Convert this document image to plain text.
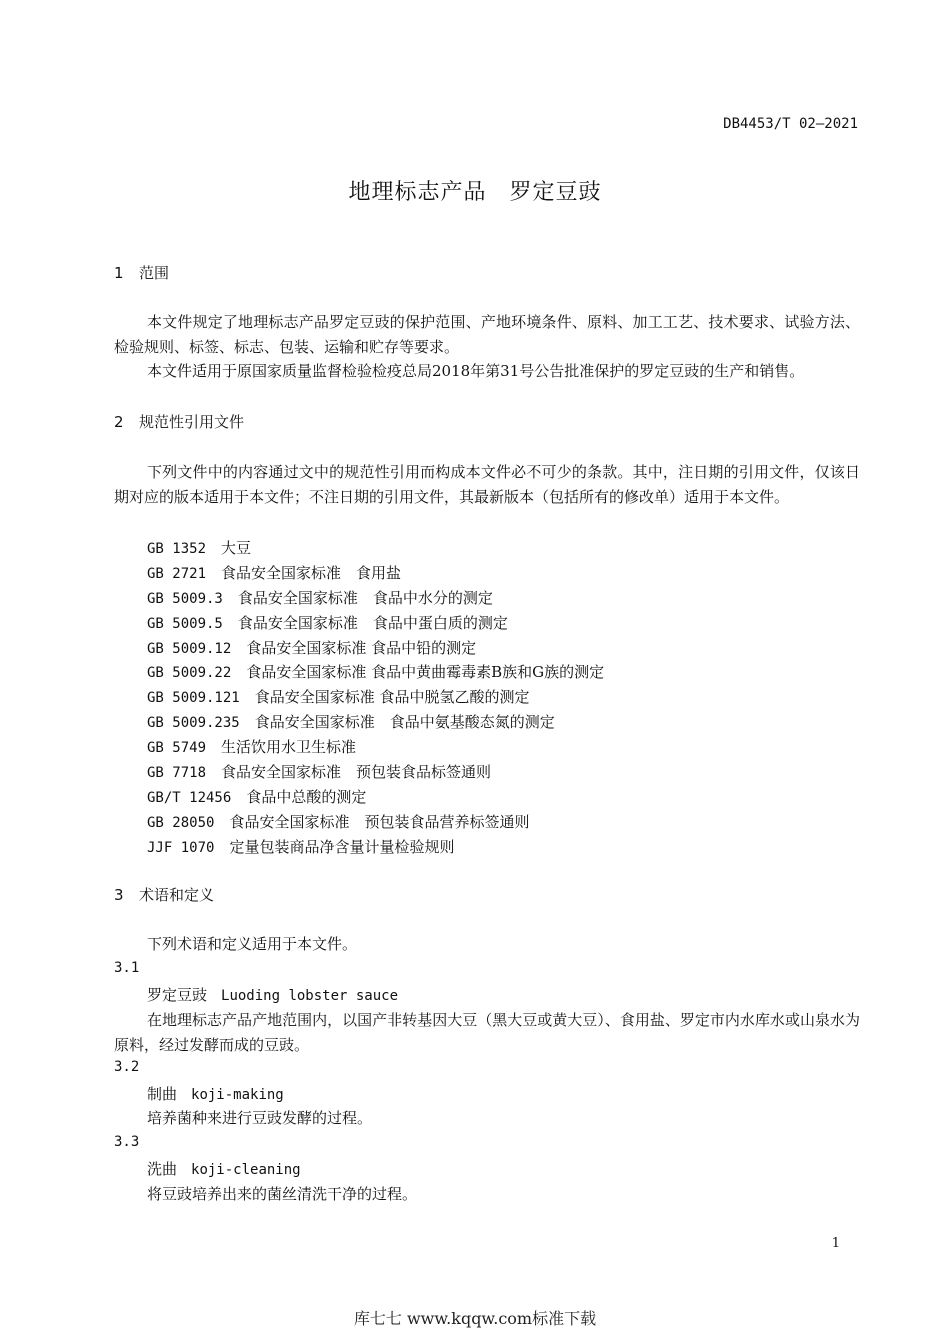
DB4453/T 02—2021
地理标志产品　罗定豆豉
1 范围
本文件规定了地理标志产品罗定豆豉的保护范围、产地环境条件、原料、加工工艺、技术要求、试验方法、检验规则、标签、标志、包装、运输和贮存等要求。
本文件适用于原国家质量监督检验检疫总局2018年第31号公告批准保护的罗定豆豉的生产和销售。
2 规范性引用文件
下列文件中的内容通过文中的规范性引用而构成本文件必不可少的条款。其中，注日期的引用文件，仅该日期对应的版本适用于本文件；不注日期的引用文件，其最新版本（包括所有的修改单）适用于本文件。
GB 1352　 大豆
GB 2721　 食品安全国家标准　食用盐
GB 5009.3　 食品安全国家标准　食品中水分的测定
GB 5009.5　 食品安全国家标准　食品中蛋白质的测定
GB 5009.12　 食品安全国家标准 食品中铅的测定
GB 5009.22　 食品安全国家标准 食品中黄曲霉毒素B族和G族的测定
GB 5009.121　 食品安全国家标准 食品中脱氢乙酸的测定
GB 5009.235　 食品安全国家标准　食品中氨基酸态氮的测定
GB 5749　 生活饮用水卫生标准
GB 7718　 食品安全国家标准　预包装食品标签通则
GB/T 12456　 食品中总酸的测定
GB 28050　 食品安全国家标准　预包装食品营养标签通则
JJF 1070　 定量包装商品净含量计量检验规则
3 术语和定义
下列术语和定义适用于本文件。
3.1
罗定豆豉 Luoding lobster sauce
在地理标志产品产地范围内，以国产非转基因大豆（黑大豆或黄大豆）、食用盐、罗定市内水库水或山泉水为原料，经过发酵而成的豆豉。
3.2
制曲 koji-making
培养菌种来进行豆豉发酵的过程。
3.3
洗曲 koji-cleaning
将豆豉培养出来的菌丝清洗干净的过程。
1
库七七 www.kqqw.com标准下载
